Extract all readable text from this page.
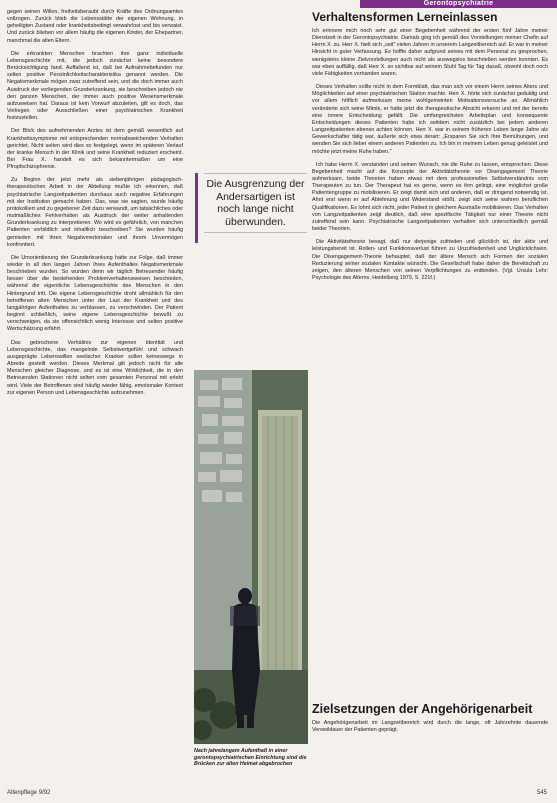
Gerontopsychiatrie

gegen seinen Willen, freiheitsberaubt durch Kräfte des Ordnungsamtes vollzogen. Zurück blieb die Lebensstätte der eigenen Wohnung, in geheiligten Zustand oder krankheitsbedingt verwahrlost und bis verwaist. Und zurück blieben vor allem häufig die eigenen Kinder, der Ehepartner, manchmal die alten Eltern.

Die erkrankten Menschen brachten ihre ganz individuelle Lebensgeschichte mit, die jedoch zunächst keine besondere Berücksichtigung fand. Auffallend ist, daß bei Aufnahmebefunden nur selten positive Persönlichkeitscharakteristika genannt werden. Die Negativmerkmale mögen zwar zutreffend sein, und die doch immer auch Ausdruck der vorliegenden Grunderkrankung, sie beschreiben jedoch nie den ganzen Menschen, der immer auch positive Wesensmerkmale aufzuweisen hat. Daraus ist kein Vorwurf abzuleiten, gilt es doch, das Vorliegen oder Ausschließen einer psychiatrischen Krankheit festzustellen.

Der Blick des aufnehmenden Arztes ist dem gemäß wesentlich auf Krankheitssymptome mit entsprechenden normabweichenden Verhalten gerichtet. Nicht selten wird dies so festgelegt, wenn im späteren Verlauf der kranke Mensch in der Klinik und seine Krankheit reduziert erscheint. Bei Frau X. handelt es sich bekanntermaßen um eine Pfropfschizophrenie.

Zu Beginn der jetzt mehr als siebenjährigen pädagogisch-therapeutischen Arbeit in der Abteilung mußte ich erkennen, daß psychiatrische Langzeitpatienten durchaus auch negative Erfahrungen mit der Institution gemacht haben. Das, was sie sagten, wurde häufig protokolliert und zu gegebener Zeit dazu verwandt, um tatsächliches oder mutmaßliches Fehlverhalten als Ausdruck der weiter anhaltenden Grunderkrankung zu interpretieren. Wo wird es gefährlich, von manchen Patienten vorbildlich und inhaltlich beschreiben? Sie wurden häufig gemieden mit ihren Negativmerkmalen und ihrem Unvermögen konfrontiert.

Die Umorientierung der Grunderkrankung hatte zur Folge, daß immer wieder in all den langen Jahren ihres Aufenthaltes Negativmerkmale beschrieben wurden. So wurden denn wir täglich Betreuender häufig besser über die bestehenden Problemverhaltensweisen beschieden, während die eigentliche Lebensgeschichte des Menschen in den Hintergrund tritt. Die eigene Lebensgeschichte droht allmählich für den betroffenen alten Menschen unter der Last der Krankheit und des langjährigen Aufenthaltes zu verblassen, zu verschwinden. Der Patient beginnt schließlich, seine eigene Lebensgeschichte bewußt zu verschweigen, da sie offensichtlich wenig Interesse und selten positive Wertschätzung erfährt.

Das gebrochene Verhältnis zur eigenen Identität und Lebensgeschichte, das mangelnde Selbstwertgefühl und schwach ausgeprägte Lebenswillen seelischer Kranker sollen keineswegs in Abrede gestellt werden. Dieses Merkmal gilt jedoch nicht für alle Menschen gleicher Diagnose, und es ist eine Wirklichkeit, die in den Betreuenden Stationen nicht selten vom gesamten Personal mit erlebt wird. Viele der Betroffenen sind häufig wieder fähig, emotionaler Kontext zur eigenen Person und Lebensgeschichte aufzunehmen.

Die Ausgrenzung der Andersartigen ist noch lange nicht überwunden.
Nach jahrelangem Aufenthalt in einer gerontopsychiatrischen Einrichtung sind die Brücken zur alten Heimat abgebrochen
Verhaltensformen Lerneinlassen

Ich erinnere mich noch sehr gut einer Begebenheit während der ersten fünf Jahre meiner Dienstzeit in der Gerontopsychiatrie. Damals ging ich gemäß des Vorstellungen meiner Chefin auf Herrn X. zu. Herr X. hielt sich „seit" vielen Jahren in unserem Langzeitbereich auf. Er war in meiner Hinsicht in guter Verfassung. Es hoffte daher aufgrund seines mit dem Personal zu gesprochen, wenigstens kleine Zielvorstellungen auch nicht als auswegslos beschrieben werden konnten. Es war eben auffällig, daß Herr X. so sichtbar auf seinem Stuhl Tag für Tag dasaß, obwohl doch noch viele Fähigkeiten vorhanden waren.

Dieses Verhalten sollte nicht in dem Formblatt, das man sich vor einem Herrn seines Alters und Möglichkeiten auf einer psychiatrischen Station machte. Herr X. hörte sich zunächst geduldig und vor allem höflich aufmerksam meine wohlgemeinten Motivationsversuche an. Allmählich veränderte sich seine Mimik, er hatte jetzt die therapeutische Absicht erkannt und mit der bereits eine innere Entscheidung gefällt. Die umfangreichsten Arbeitsplan und konsequente Entscheidungen dieses Patienten habe ich seitdem nicht zusätzlich bei jedem anderen Langzeitpatienten ebenso achten können. Herr X. war in seinem früheren Leben lange Jahre als Gewerkschafter tätig war, äußerte sich etwa derart: „Ersparen Sie sich Ihre Bemühungen, und wenden Sie sich lieber einem anderen Patienten zu. Ich bin in meinem Leben genug geleistet und möchte jetzt meine Ruhe haben."

Ich habe Herrn X. verstanden und seinen Wunsch, nie die Ruhe zu lassen, entsprochen. Diese Begebenheit macht auf die Konzepte der Aktivitätstheorie vor Disengagement Theorie aufmerksam, beide Theorien haben etwas mit dem professionellen Selbstverständnis vom Therapeuten zu tun. Der Therapeut hat es gerne, wenn es ihm gelingt, eine möglichst große Patientengruppe zu mobilisieren. Er zeigt damit sich und anderen, daß er dringend notwendig ist. Ahnt erst wenn er auf Ablehnung und Widerstand stößt, zeigt sich seine wahren beruflichen Qualifikationen. Es lohnt sich nicht, jeder Patient in gleichem Ausmaße mobilisieren. Das Verhalten von Langzeitpatienten zeigt deutlich, daß eine spezifische Tätigkeit nur einer Theorie nicht zutreffend sein kann. Psychiatrische Langzeitpatienten verhalten sich unterschiedlich gemäß beider Theorien.

Die Aktivitätstheorie besagt, daß nur derjenige zufrieden und glücklich ist, der aktiv und leistungsbereit ist. Rollen- und Funktionsverlust führen zu Unzufriedenheit und Unglücklichsein. Die Disengagement-Theorie behauptet, daß der ältere Mensch sich Formen der sozialen Reduzierung seiner sozialen Kontakte wünscht. Die Gesellschaft habe daher die Bereitschaft zu zeigen, den älteren Menschen von seinen Verpflichtungen zu entbinden. (Vgl. Ursula Lehr: Psychologie des Alterns, Heidelberg 1979, S. 221f.)

Zielsetzungen der Angehörigenarbeit

Die Angehörigenarbeit im Langzeitbereich wird durch die lange, oft Jahrzehnte dauernde Verweildauer der Patienten geprägt.

Altenpflege 9/92	545
